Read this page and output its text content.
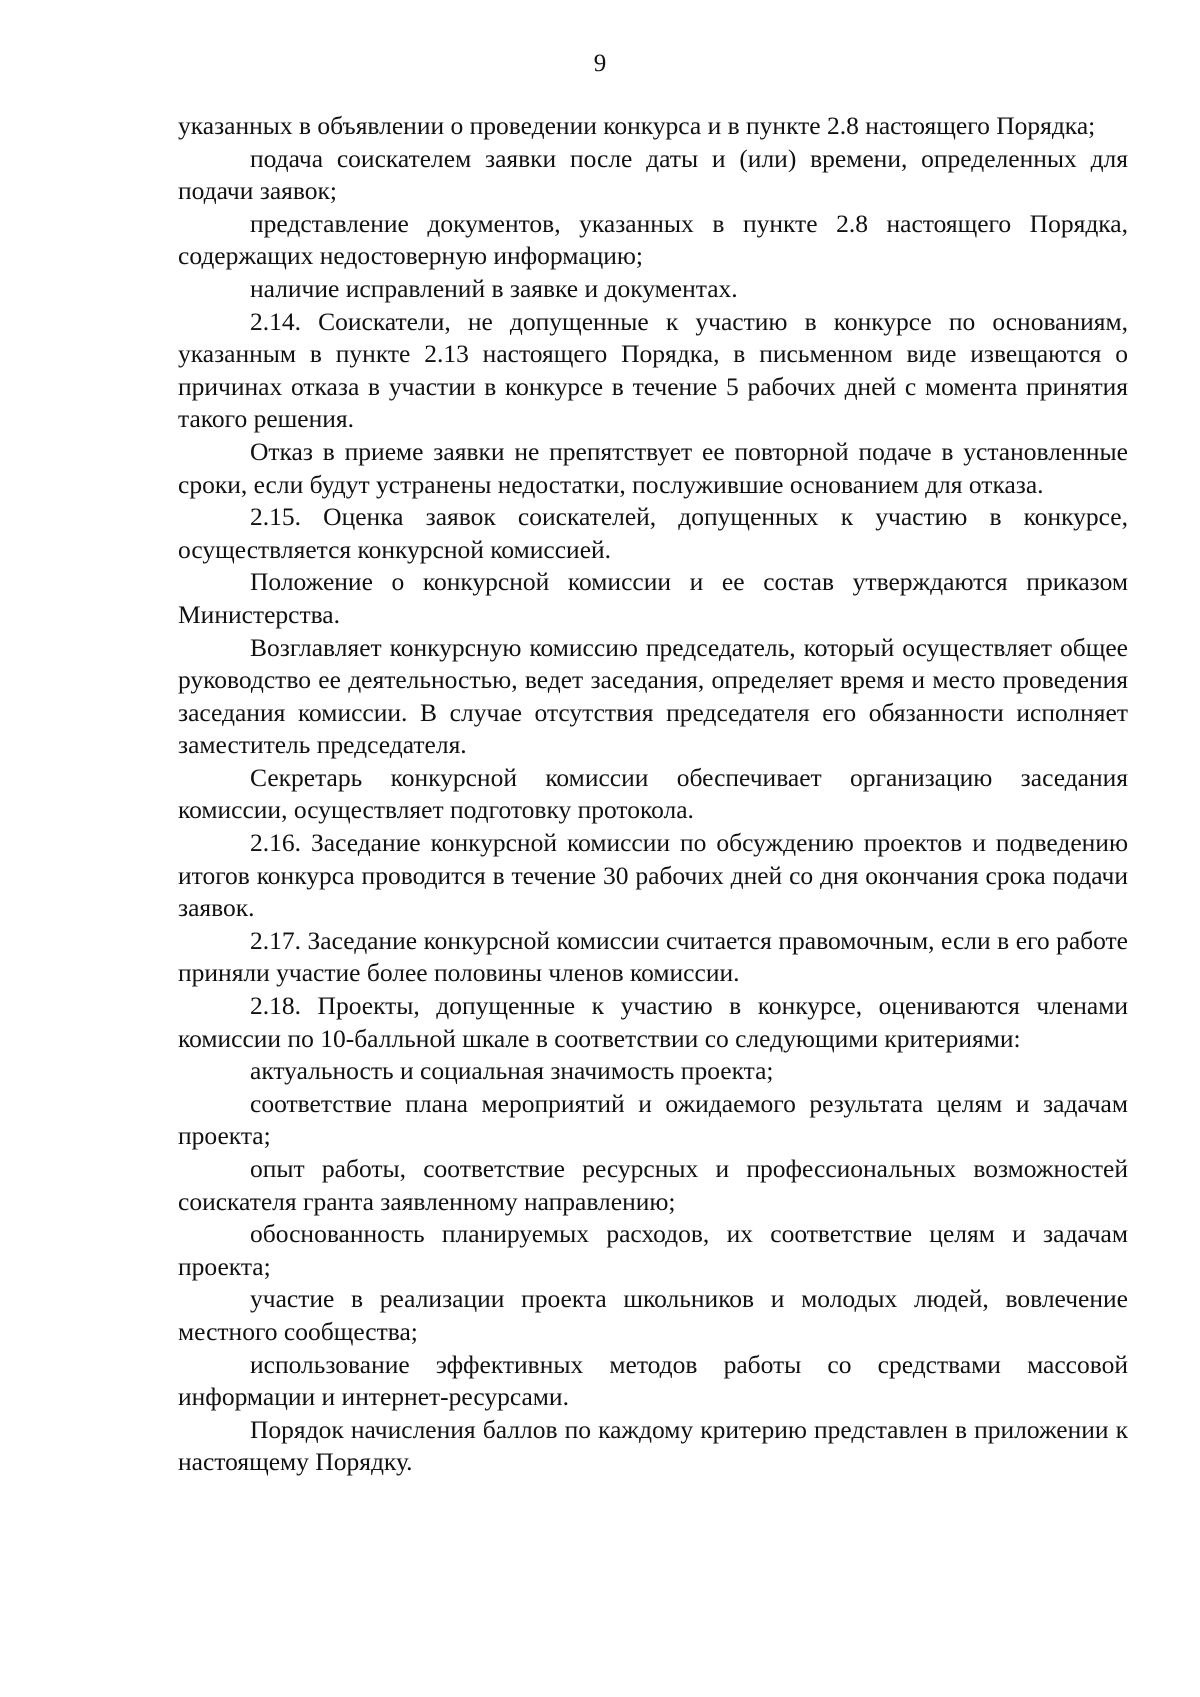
9

указанных в объявлении о проведении конкурса и в пункте 2.8 настоящего Порядка;

подача соискателем заявки после даты и (или) времени, определенных для подачи заявок;

представление документов, указанных в пункте 2.8 настоящего Порядка, содержащих недостоверную информацию;

наличие исправлений в заявке и документах.

2.14. Соискатели, не допущенные к участию в конкурсе по основаниям, указанным в пункте 2.13 настоящего Порядка, в письменном виде извещаются о причинах отказа в участии в конкурсе в течение 5 рабочих дней с момента принятия такого решения.

Отказ в приеме заявки не препятствует ее повторной подаче в установленные сроки, если будут устранены недостатки, послужившие основанием для отказа.

2.15. Оценка заявок соискателей, допущенных к участию в конкурсе, осуществляется конкурсной комиссией.

Положение о конкурсной комиссии и ее состав утверждаются приказом Министерства.

Возглавляет конкурсную комиссию председатель, который осуществляет общее руководство ее деятельностью, ведет заседания, определяет время и место проведения заседания комиссии. В случае отсутствия председателя его обязанности исполняет заместитель председателя.

Секретарь конкурсной комиссии обеспечивает организацию заседания комиссии, осуществляет подготовку протокола.

2.16. Заседание конкурсной комиссии по обсуждению проектов и подведению итогов конкурса проводится в течение 30 рабочих дней со дня окончания срока подачи заявок.

2.17. Заседание конкурсной комиссии считается правомочным, если в его работе приняли участие более половины членов комиссии.

2.18. Проекты, допущенные к участию в конкурсе, оцениваются членами комиссии по 10-балльной шкале в соответствии со следующими критериями:

актуальность и социальная значимость проекта;

соответствие плана мероприятий и ожидаемого результата целям и задачам проекта;

опыт работы, соответствие ресурсных и профессиональных возможностей соискателя гранта заявленному направлению;

обоснованность планируемых расходов, их соответствие целям и задачам проекта;

участие в реализации проекта школьников и молодых людей, вовлечение местного сообщества;

использование эффективных методов работы со средствами массовой информации и интернет-ресурсами.

Порядок начисления баллов по каждому критерию представлен в приложении к настоящему Порядку.
